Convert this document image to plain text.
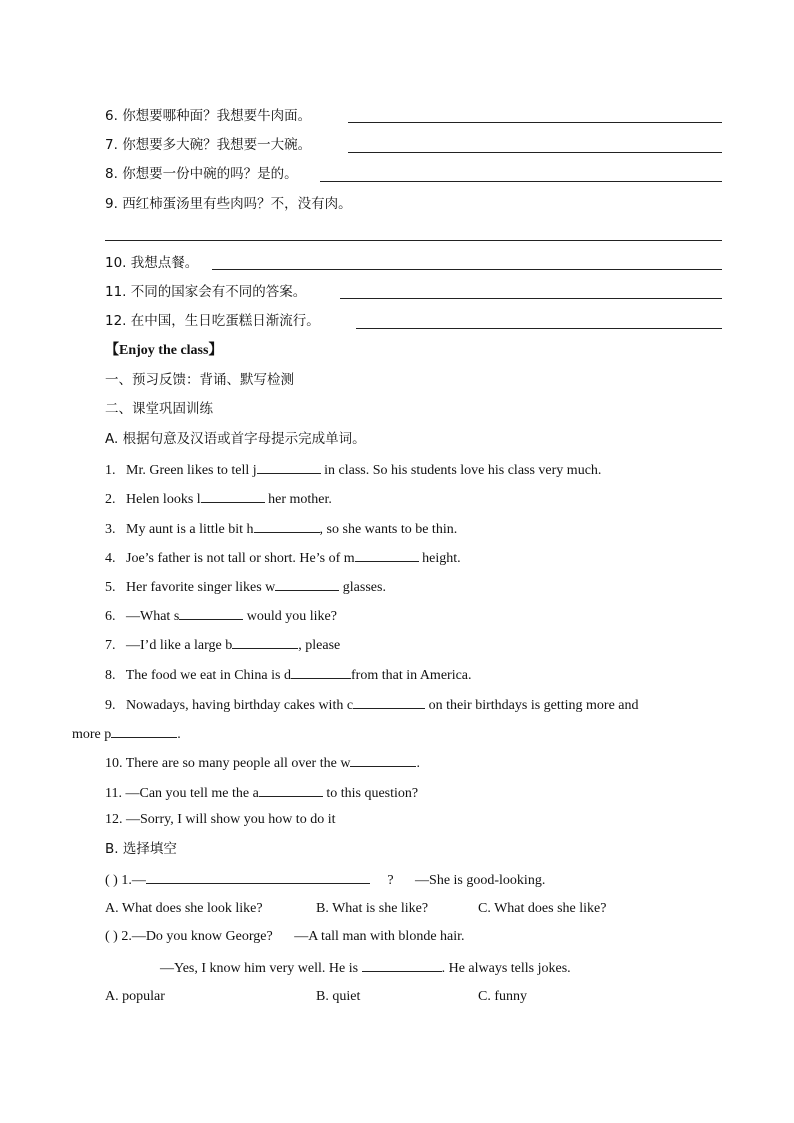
6. 你想要哪种面？我想要牛肉面。
7. 你想要多大碗？我想要一大碗。
8. 你想要一份中碗的吗？是的。
9. 西红柿蛋汤里有些肉吗？不，没有肉。
10. 我想点餐。
11. 不同的国家会有不同的答案。
12. 在中国，生日吃蛋糕日渐流行。
【Enjoy the class】
一、预习反馈：背诵、默写检测
二、课堂巩固训练
A. 根据句意及汉语或首字母提示完成单词。
1. Mr. Green likes to tell j	in class. So his students love his class very much.
2. Helen looks l	her mother.
3. My aunt is a little bit h	, so she wants to be thin.
4. Joe’s father is not tall or short. He’s of m	height.
5. Her favorite singer likes w	glasses.
6. —What s	would you like?
7. —I’d like a large b	, please
8. The food we eat in China is d	from that in America.
9. Nowadays, having birthday cakes with c	on their birthdays is getting more and
more p	.
10. There are so many people all over the w	.
11. —Can you tell me the a	to this question?
12. —Sorry, I will show you how to do it
B. 选择填空
( ) 1.—	? —She is good-looking.
A. What does she look like?	B. What is she like?	C. What does she like?
( ) 2.—Do you know George? —A tall man with blonde hair.
—Yes, I know him very well. He is	. He always tells jokes.
A. popular	B. quiet	C. funny
